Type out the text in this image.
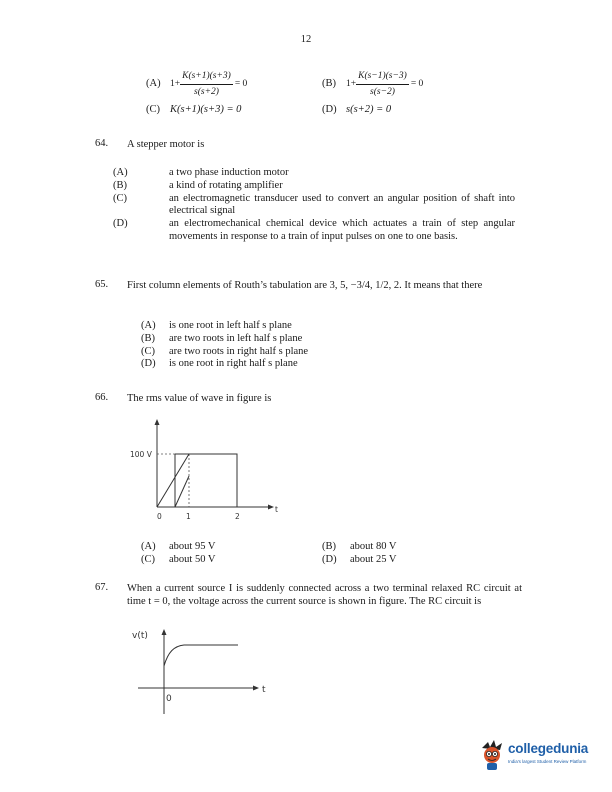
12
(A) $1+ \frac{K(s+1)(s+3)}{s(s+2)} = 0$	(B) $1+ \frac{K(s-1)(s-3)}{s(s-2)} = 0$
(C) K(s+1)(s+3) = 0	(D) s(s+2) = 0
64. A stepper motor is
(A)	a two phase induction motor
(B)	a kind of rotating amplifier
(C)	an electromagnetic transducer used to convert an angular position of shaft into electrical signal
(D)	an electromechanical chemical device which actuates a train of step angular movements in response to a train of input pulses on one to one basis.
65. First column elements of Routh’s tabulation are 3, 5, −3/4, 1/2, 2. It means that there
(A) is one root in left half s plane
(B) are two roots in left half s plane
(C) are two roots in right half s plane
(D) is one root in right half s plane
66. The rms value of wave in figure is
100 V
0	1	2
t
(A) about 95 V	(B) about 80 V
(C) about 50 V	(D) about 25 V
67. When a current source I is suddenly connected across a two terminal relaxed RC circuit at time t = 0, the voltage across the current source is shown in figure. The RC circuit is
v(t)
0
t
collegedunia
India's largest Student Review Platform
